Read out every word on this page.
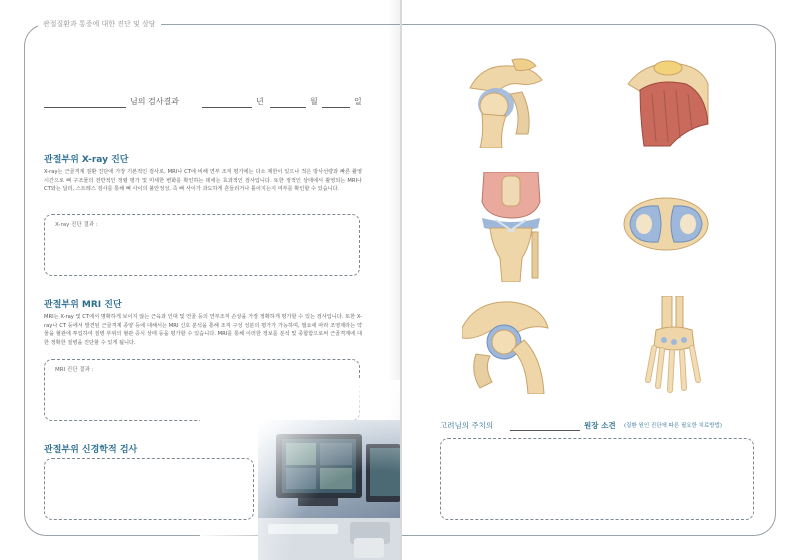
관절질환과 통증에 대한 진단 및 상담
님의 검사결과	년	월	일
관절부위 X-ray 진단
X-ray는 근골격계 질환 진단에 가장 기본적인 검사로, MRI나 CT에 비해 연부 조직 평가에는 다소 제한이 있으나 적은 방사선량과 빠른 촬영 시간으로 뼈 구조물의 전반적인 정렬 평가 및 미세한 변화를 확인하는 데에는 효과적인 검사입니다. 또한 정적인 상태에서 촬영되는 MRI나 CT와는 달리, 스트레스 검사를 통해 뼈 사이의 불안정성, 즉 뼈 사이가 과도하게 흔들리거나 틀어지는지 여부를 확인할 수 있습니다.
X-ray 진단 결과 :
관절부위 MRI 진단
MRI는 X-ray 및 CT에서 명확하게 보이지 않는 근육과 인대 및 연골 등의 연부조직 손상을 가장 정확하게 평가할 수 있는 검사입니다. 또한 X-ray나 CT 등에서 발견된 근골격계 종양 등에 대해서는 MRI 신호 분석을 통해 조직 구성 성분의 평가가 가능하며, 필요에 따라 조영제라는 약물을 혈관에 투입하여 질병 부위의 혈관 증식 상태 등을 평가할 수 있습니다. MRI를 통해 이러한 정보를 분석 및 종합함으로써 근골격계에 대한 정확한 질병을 진단할 수 있게 됩니다.
MRI 진단 결과 :
관절부위 신경학적 검사
고려님의 주치의	원장 소견 (질환 원인 진단에 따른 필요한 치료방법)
